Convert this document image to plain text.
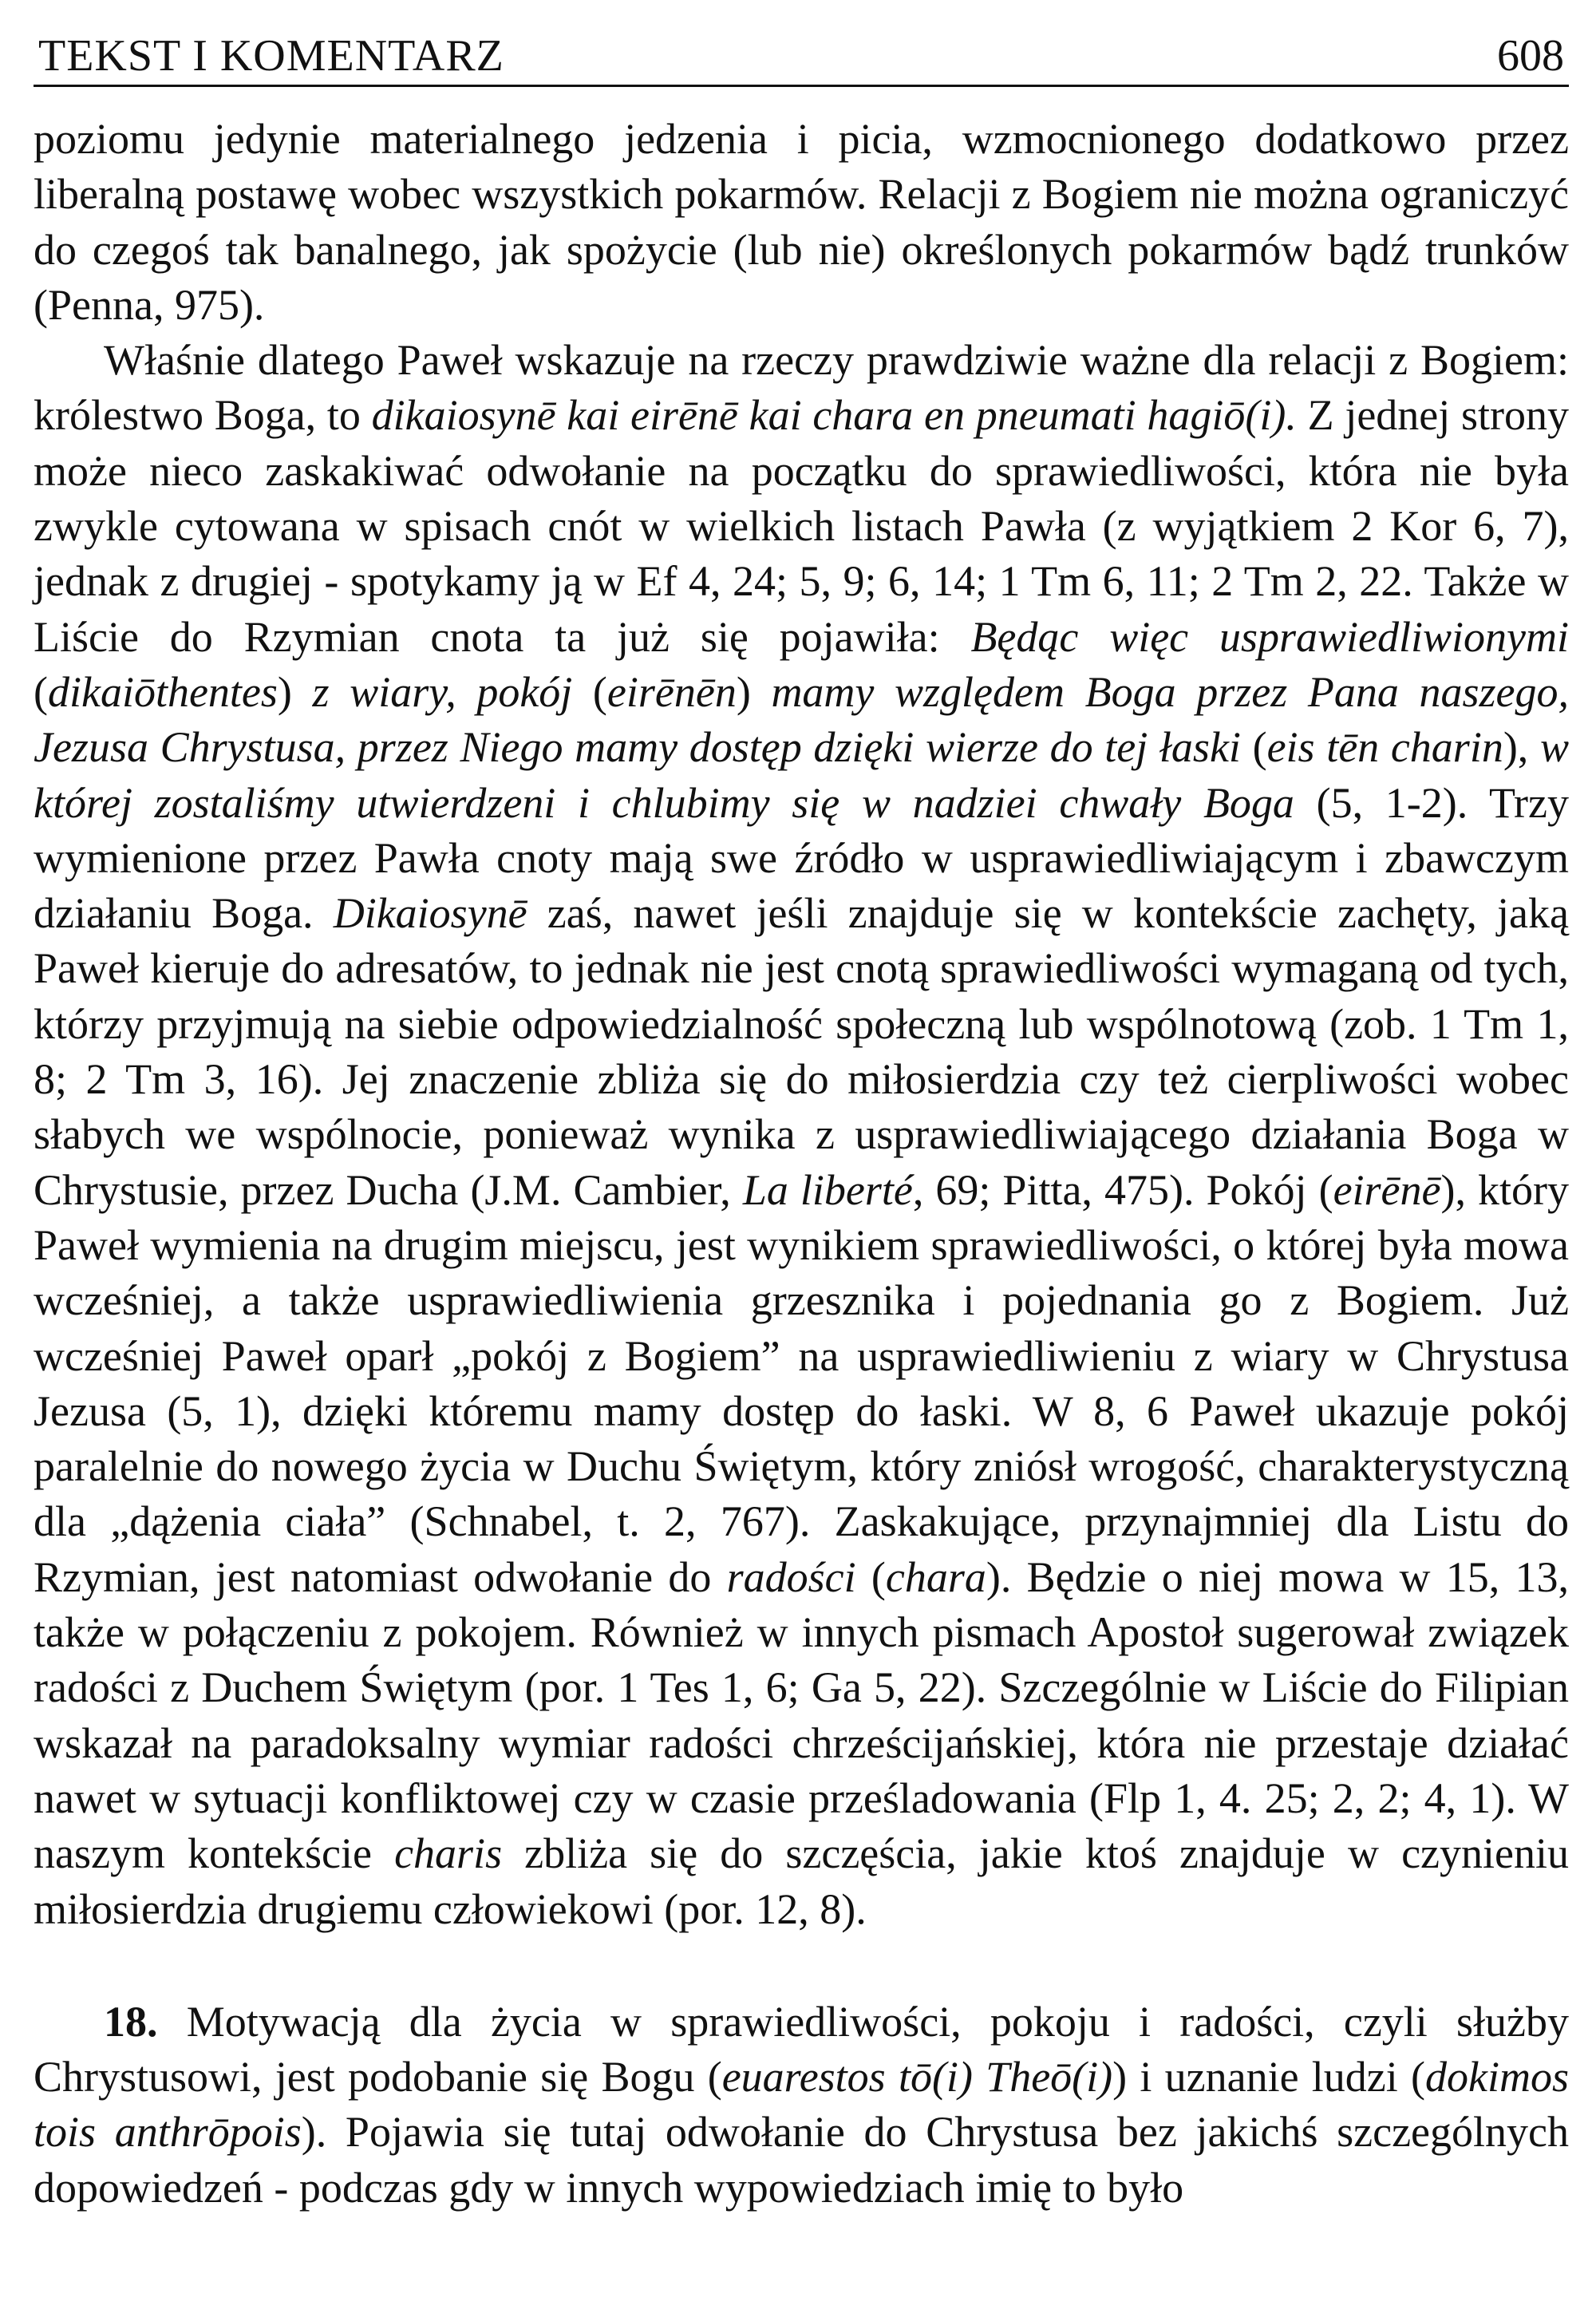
TEKST I KOMENTARZ	608

poziomu jedynie materialnego jedzenia i picia, wzmocnionego dodatkowo przez liberalną postawę wobec wszystkich pokarmów. Relacji z Bogiem nie można ograniczyć do czegoś tak banalnego, jak spożycie (lub nie) określonych pokarmów bądź trunków (Penna, 975).

Właśnie dlatego Paweł wskazuje na rzeczy prawdziwie ważne dla relacji z Bogiem: królestwo Boga, to dikaiosynē kai eirēnē kai chara en pneumati hagiō(i). Z jednej strony może nieco zaskakiwać odwołanie na początku do sprawiedliwości, która nie była zwykle cytowana w spisach cnót w wielkich listach Pawła (z wyjątkiem 2 Kor 6, 7), jednak z drugiej - spotykamy ją w Ef 4, 24; 5, 9; 6, 14; 1 Tm 6, 11; 2 Tm 2, 22. Także w Liście do Rzymian cnota ta już się pojawiła: Będąc więc usprawiedliwionymi (dikaiōthentes) z wiary, pokój (eirēnēn) mamy względem Boga przez Pana naszego, Jezusa Chrystusa, przez Niego mamy dostęp dzięki wierze do tej łaski (eis tēn charin), w której zostaliśmy utwierdzeni i chlubimy się w nadziei chwały Boga (5, 1-2). Trzy wymienione przez Pawła cnoty mają swe źródło w usprawiedliwiającym i zbawczym działaniu Boga. Dikaiosynē zaś, nawet jeśli znajduje się w kontekście zachęty, jaką Paweł kieruje do adresatów, to jednak nie jest cnotą sprawiedliwości wymaganą od tych, którzy przyjmują na siebie odpowiedzialność społeczną lub wspólnotową (zob. 1 Tm 1, 8; 2 Tm 3, 16). Jej znaczenie zbliża się do miłosierdzia czy też cierpliwości wobec słabych we wspólnocie, ponieważ wynika z usprawiedliwiającego działania Boga w Chrystusie, przez Ducha (J.M. Cambier, La liberté, 69; Pitta, 475). Pokój (eirēnē), który Paweł wymienia na drugim miejscu, jest wynikiem sprawiedliwości, o której była mowa wcześniej, a także usprawiedliwienia grzesznika i pojednania go z Bogiem. Już wcześniej Paweł oparł „pokój z Bogiem” na usprawiedliwieniu z wiary w Chrystusa Jezusa (5, 1), dzięki któremu mamy dostęp do łaski. W 8, 6 Paweł ukazuje pokój paralelnie do nowego życia w Duchu Świętym, który zniósł wrogość, charakterystyczną dla „dążenia ciała” (Schnabel, t. 2, 767). Zaskakujące, przynajmniej dla Listu do Rzymian, jest natomiast odwołanie do radości (chara). Będzie o niej mowa w 15, 13, także w połączeniu z pokojem. Również w innych pismach Apostoł sugerował związek radości z Duchem Świętym (por. 1 Tes 1, 6; Ga 5, 22). Szczególnie w Liście do Filipian wskazał na paradoksalny wymiar radości chrześcijańskiej, która nie przestaje działać nawet w sytuacji konfliktowej czy w czasie prześladowania (Flp 1, 4. 25; 2, 2; 4, 1). W naszym kontekście charis zbliża się do szczęścia, jakie ktoś znajduje w czynieniu miłosierdzia drugiemu człowiekowi (por. 12, 8).

18. Motywacją dla życia w sprawiedliwości, pokoju i radości, czyli służby Chrystusowi, jest podobanie się Bogu (euarestos tō(i) Theō(i)) i uznanie ludzi (dokimos tois anthrōpois). Pojawia się tutaj odwołanie do Chrystusa bez jakichś szczególnych dopowiedzeń - podczas gdy w innych wypowiedziach imię to było
